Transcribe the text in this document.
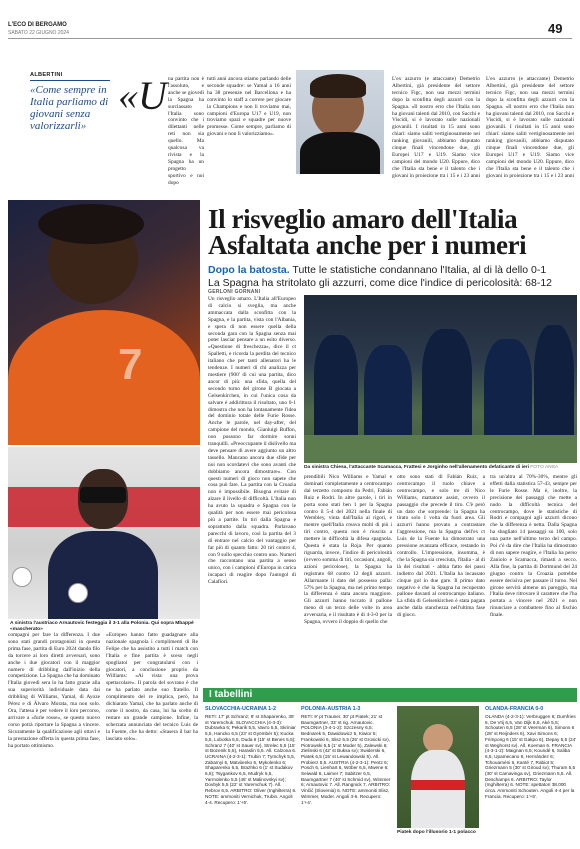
L'ECO DI BERGAMO
SABATO 22 GIUGNO 2024	49
ALBERTINI
«Come sempre in Italia parliamo di giovani senza valorizzarli»
«U na partita non è l'assoluto, e anche se giovedì la Spagna ha surclassato l'Italia sono convinto che i dilettanti nelle reti non sia quello. Ma qualcosa va rivista e la Spagna ha un progetto sportivo e noi dopo
tutti anni ancora stiamo parlando delle seconde squadre: se Yamal a 16 anni ha 38 presenze nel Barcellona e ha convinto lo staff a correre per giocare la Champions e non li troviamo mai, campioni d'Europa U17 e U19, non troviamo spazi e squadre per nuove promesse. Come sempre, parliamo di giovani e non li valorizziamo».
L'ex azzurro (e attaccante) Demetrio Albertini, già presidente del settore tecnico Figc, non usa mezzi termini dopo la sconfitta degli azzurri con la Spagna. «Il nostro erro che l'Italia non ha giovani talenti dal 2010, con Sacchi e Viscidi, si è lavorato sulle nazionali giovanili. I risultati in 15 anni sono chiari: siamo saliti vertiginosamente nei ranking giovanili, abbiamo disputato cinque finali vincendone due, gli Europei U17 e U19. Siamo vice campioni del mondo U20. Eppure, dico che l'Italia sta bene e il talento che i giovani in proiezione tra i 15 e i 23 anni
L'ex azzurro (e attaccante) Demetrio Albertini, già presidente del settore tecnico Figc, non usa mezzi termini dopo la sconfitta degli azzurri con la Spagna. «Il nostro erro che l'Italia non ha giovani talenti dal 2010, con Sacchi e Viscidi, si è lavorato sulle nazionali giovanili. I risultati in 15 anni sono chiari: siamo saliti vertiginosamente nei ranking giovanili, abbiamo disputato cinque finali vincendone due, gli Europei U17 e U19. Siamo vice campioni del mondo U20. Eppure, dico che l'Italia sta bene e il talento che i giovani in proiezione tra i 15 e i 23 anni
Il risveglio amaro dell'Italia
Asfaltata anche per i numeri
Dopo la batosta. Tutte le statistiche condannano l'Italia, al di là dello 0-1
La Spagna ha stritolato gli azzurri, come dice l'indice di pericolosità: 68-12
7
A sinistra l'austriaco Arnautovic festeggia il 3-1 alla Polonia. Qui sopra Mbappé «mascherato»
GERLONI GORNANI
Un risveglio amaro. L'Italia all'Europeo di calcio si sveglia, ma anche ammaccata dalla sconfitta con la Spagna, e la partita, vista con l'Albania, e spera di non essere quella della seconda gara con la Spagna senza mai poter lasciar pensare a un esito diverso. «Questione di freschezza», dice il ct Spalletti, e ricorda la perdita del tecnico italiano che per tanti allenatori ha le tendenze. I numeri di chi analizza per mestiere (900' di cui una partita, dico ancor di più: una sfida, quella del secondo turno del girone B giocata a Gelsenkirchen, in cui l'unica cosa da salvare è addirittura il risultato, uno 0-1 dimostra che non ha lontanamente l'idea del dominio totale delle Furie Rosse. Anche le parole, nel day-after, del campione del mondo, Gianluigi Buffon, non possono far dormire sonni tranquilli. «Preoccupante il dislivello ma deve pensare di avere aggiunto un altro tassello. Mancano ancora due sfide per noi non scordatevi che sono avanti che dobbiamo ancora dimostrare». Con questi numeri di gioco non sapete che cosa può fare. La partita con la Croazia non è impossibile. Bisogna evitare di alzare il livello di difficoltà. L'Italia non ha avuto la squadra e Spagna con le qualità per non essere mai pericolosa più a partite. In tiri dalla Spagna e soprattutto dalla squadra. Parlavano parecchi di lavoro, così la partita del 3 di entrare nel calcio del vantaggio per far più di quanto fatto: 20 tiri contro 4, con 9 sullo specchio contro uno. Numeri che raccontano una partita a senso unico, con i campioni d'Europa in carica incapaci di reagire dopo l'autogol di Calafiori.
Da sinistra Chiesa, l'attaccante Scamacca, Frattesi e Jorginho nell'allenamento defaticante di ieri FOTO ANSA
prendibili Nico Williams e Yamal e dominati completamente a centrocampo dal terzetto composto da Pedri, Fabián Ruiz e Rodri. In altre parole, i tiri in porta sono stati ben 1 per la Spagna contro il 5-4 del 2021 nella finale di Wembley, vinta dall'Italia ai rigori, e mentre quell'Italia creava molti di più i tiri contro, questa non è riuscita a mettere in difficoltà la difesa spagnola. Questa è stata la Roja. Per quanto riguarda, invece, l'indice di pericolosità (ovvero somma di tiri, occasioni, angoli, azioni pericolose), la Spagna ha registrato 68 contro 12 degli azzurri. Allarmante il dato del possesso palla: 57% per la Spagna, ma nel primo tempo la differenza è stata ancora maggiore. Gli azzurri hanno toccato il pallone meno di un terzo delle volte in area avversaria, e il risultato è di 4-3-0 per la Spagna, ovvero il doppio di quello che
otto sono stati di Fabián Ruiz, a centrocampo il ruolo chiave a centrocampo, e solo tre di Nico Williams, mattatore assist, ovvero il passaggio che precede il tiro. C'è però un dato che sorprende: la Spagna ha tirato solo 1 volta da fuori area. Gli azzurri hanno provato a contrastare l'aggressione, ma la Spagna dell'ex ct Luis de la Fuente ha dimostrato una pressione avanzata efficace, restando in controllo. L'impressione, insomma, è che la Spagna sia cresciuta, l'Italia - al di là dei risultati - abbia fatto dei passi indietro dal 2021. L'Italia ha incassato cinque gol in due gare. Il primo dato negativo è che la Spagna ha recuperato pallone davanti al centrocampo italiano. La sfida di Gelsenkirchen è stata pagata anche dalla stanchezza nell'ultima fase di gioco.
tra un'altra al 70%-30%, mentre gli effetti dalla statistica 57-43, sempre per le Furie Rosse. Ma è, inoltre, la precisione dei passaggi che mette a nudo la difficoltà tecnica del centrocampo, dove le statistiche di Rodri e compagni agli azzurri dicono che la differenza è netta. Dalla Spagna ha sbagliato 14 passaggi su 100, solo una parte nell'ultimo terzo del campo. Poi c'è da dire che l'Italia ha dimostrato di non sapere reagire, e l'Italia ha perso Zaniolo e Scamacca, rimasti a secco. Alla fine, la partita di Dortmund del 24 giugno contro la Croazia potrebbe essere decisiva per passare il turno. Nel girone servirà almeno un pareggio, ma l'Italia deve ritrovare il carattere che l'ha portata a vincere nel 2021 e non rinunciare a combattere fino al fischio finale.
compagni per fare la differenza. I due sono stati grandi protagonisti in questa prima fase, partita di Euro 2024 dando filo da torcere ai loro diretti avversari, sono anche i due giocatori con il maggior numero di dribbling dall'inizio della competizione. La Spagna che ha dominato l'Italia giovedì sera lo ha fatto grazie alla sua superiorità individuale data dai dribbling di Williams, Yamal, di Ayoze Pérez e di Álvaro Morata, ma non solo. Ora, l'attesa è per vedere il loro percorso, arrivare a «furie rosse», se questo nuovo corso potrà riportare la Spagna a vincere. Sicuramente la qualificazione agli ottavi e la prestazione offerta in questa prima fase, ha portato ottimismo.
«Europeo hanno fatto guadagnare alla nazionale spagnola i complimenti di Re Felipe che ha assistito a tutti i match con l'Italia e fine partita è sceso negli spogliatoi per congratularsi con i giocatori, a conclusione proprio da Williams: «Ai vista una prova spettacolare». Il parola del sovrano è che ne ha parlato anche suo fratello. Il complimento del re implica, però, ha dichiarato Yamal, che ha parlato anche di come il nostro, da casa, lui ha scelto di restare un grande campione. Infine, la scherzata annunciata del tecnico Luis de la Fuente, che ha detto: «Stasera il bar ha lasciato solo».
I tabellini
SLOVACCHIA-UCRAINA 1-2
RETI: 17' pt Schranz; 9' st Shaparenko, 35' st Yaremchuk. SLOVACCHIA (4-3-3): Dubravka 6; Pekarik 5,5, Vavro 5,5, Skriniar 5,5, Hancko 6,5 (23' st Gyömbér 5); Kucka 5,5, Lobotka 6,5, Duda 6 (15' st Benes 5,5); Schranz 7 (40' st Sauer sv), Strelec 5,5 (15' st Bozenik 5,5), Haraslin 5,5. All. Calzona 6. UCRAINA (4-2-3-1): Trubin 7; Tymchyk 5,5, Zabarnyi 6, Matviienko 6, Mykolenko 6; Shaparenko 6,5, Brazhko 6 (1' st Sudakov 6,5); Tsygankov 6,5, Mudryk 6,5, Yarmolenko 5,5 (46' st Malinovskyi sv); Dovbyk 5,5 (22' st Yaremchuk 7). All. Rebrov 6,5. ARBITRO: Oliver (Inghilterra) 6. NOTE: ammoniti Vernichuk, Trubin. Angoli 4-4. Recupero: 1'+5'.
POLONIA-AUSTRIA 1-3
RETI: 9' pt Trauner, 30' pt Piatek; 21' st Baumgartner, 33' st rig. Arnautovic. POLONIA (3-4-1-2): Szczesny 6,5; Bednarek 5, Dawidowicz 5, Kiwior 5; Frankowski 6, Slisz 5,5 (25' st Grosicki sv), Piotrowski 5,5 (1' st Moder 5), Zalewski 6; Zielinski 6 (42' st Buksa sv); Swiderski 6, Piatek 6,5 (15' st Lewandowski 5). All. Probierz 5,5. AUSTRIA (4-2-3-1): Pentz 6; Posch 6, Lienhart 6, Wöber 6,5, Mwene 6; Seiwald 6, Laimer 7; Sabitzer 6,5, Baumgartner 7 (40' st Schmid sv), Wimmer 6; Arnautovic 7. All. Rangnick 7. ARBITRO: Vinčić (Slovenia) 6. NOTE: ammoniti Slisz, Wimmer, Moder. Angoli 3-6. Recupero: 1'+4'.
Piatek dopo l'illusorio 1-1 polacco
OLANDA-FRANCIA 0-0
OLANDA (4-2-3-1): Verbruggen 6; Dumfries 6, De Vrij 6,5, Van Dijk 6,5, Aké 5,5; Schouten 6,5 (28' st Veerman 6), Simons 6 (28' st Reijnders 6), Xavi Simons 6; Frimpong 6 (15' st Gakpo 6), Depay 5,5 (24' st Weghorst sv). All. Koeman 6. FRANCIA (4-3-1-2): Maignan 6,5; Koundé 6, Saliba 6,5, Upamecano 6, Hernández 6; Tchouaméni 6, Kanté 7, Rabiot 5; Griezmann 5 (30' st Giroud sv); Thuram 5,5 (30' st Camavinga sv), Griezmann 5,5. All. Deschamps 6. ARBITRO: Taylor (Inghilterra) 6. NOTE: spettatori 38.000 circa. Ammoniti Schouten. Angoli 4-4 per la Francia. Recupero: 1'+5'.
